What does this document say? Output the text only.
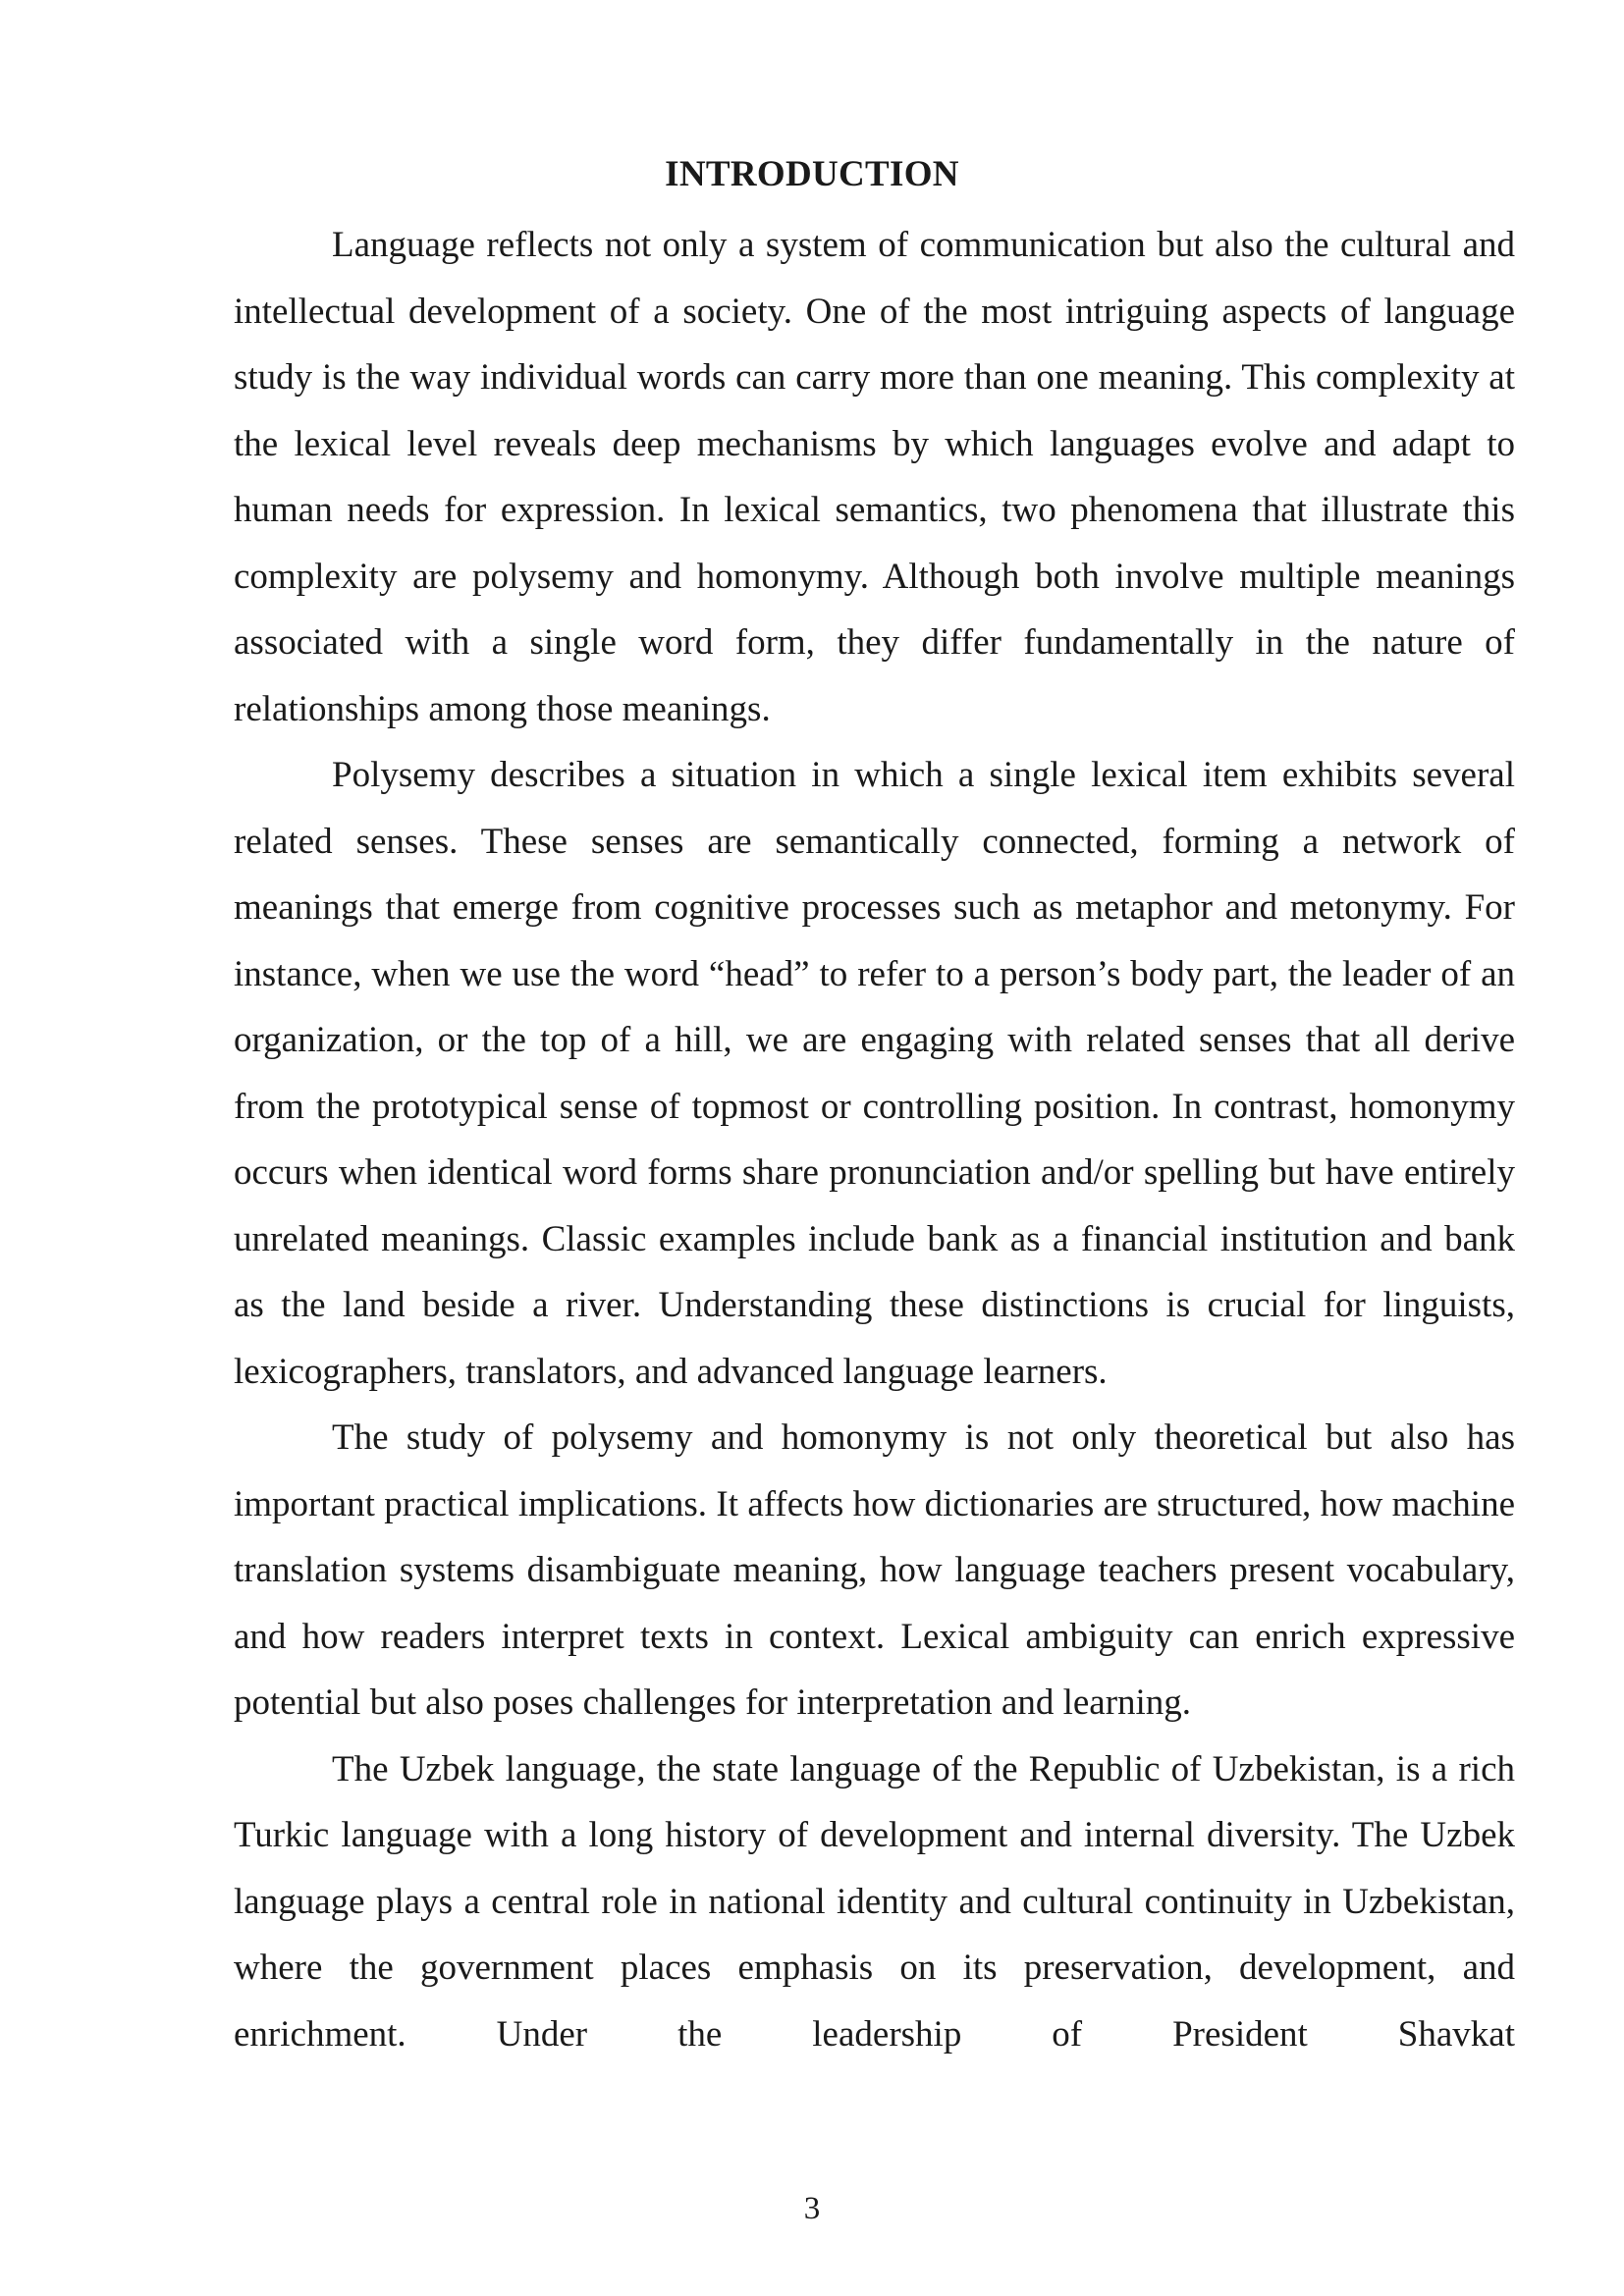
INTRODUCTION

Language reflects not only a system of communication but also the cultural and intellectual development of a society. One of the most intriguing aspects of language study is the way individual words can carry more than one meaning. This complexity at the lexical level reveals deep mechanisms by which languages evolve and adapt to human needs for expression. In lexical semantics, two phenomena that illustrate this complexity are polysemy and homonymy. Although both involve multiple meanings associated with a single word form, they differ fundamentally in the nature of relationships among those meanings.

Polysemy describes a situation in which a single lexical item exhibits several related senses. These senses are semantically connected, forming a network of meanings that emerge from cognitive processes such as metaphor and metonymy. For instance, when we use the word “head” to refer to a person’s body part, the leader of an organization, or the top of a hill, we are engaging with related senses that all derive from the prototypical sense of topmost or controlling position. In contrast, homonymy occurs when identical word forms share pronunciation and/or spelling but have entirely unrelated meanings. Classic examples include bank as a financial institution and bank as the land beside a river. Understanding these distinctions is crucial for linguists, lexicographers, translators, and advanced language learners.

The study of polysemy and homonymy is not only theoretical but also has important practical implications. It affects how dictionaries are structured, how machine translation systems disambiguate meaning, how language teachers present vocabulary, and how readers interpret texts in context. Lexical ambiguity can enrich expressive potential but also poses challenges for interpretation and learning.

The Uzbek language, the state language of the Republic of Uzbekistan, is a rich Turkic language with a long history of development and internal diversity. The Uzbek language plays a central role in national identity and cultural continuity in Uzbekistan, where the government places emphasis on its preservation, development, and enrichment. Under the leadership of President Shavkat

3
